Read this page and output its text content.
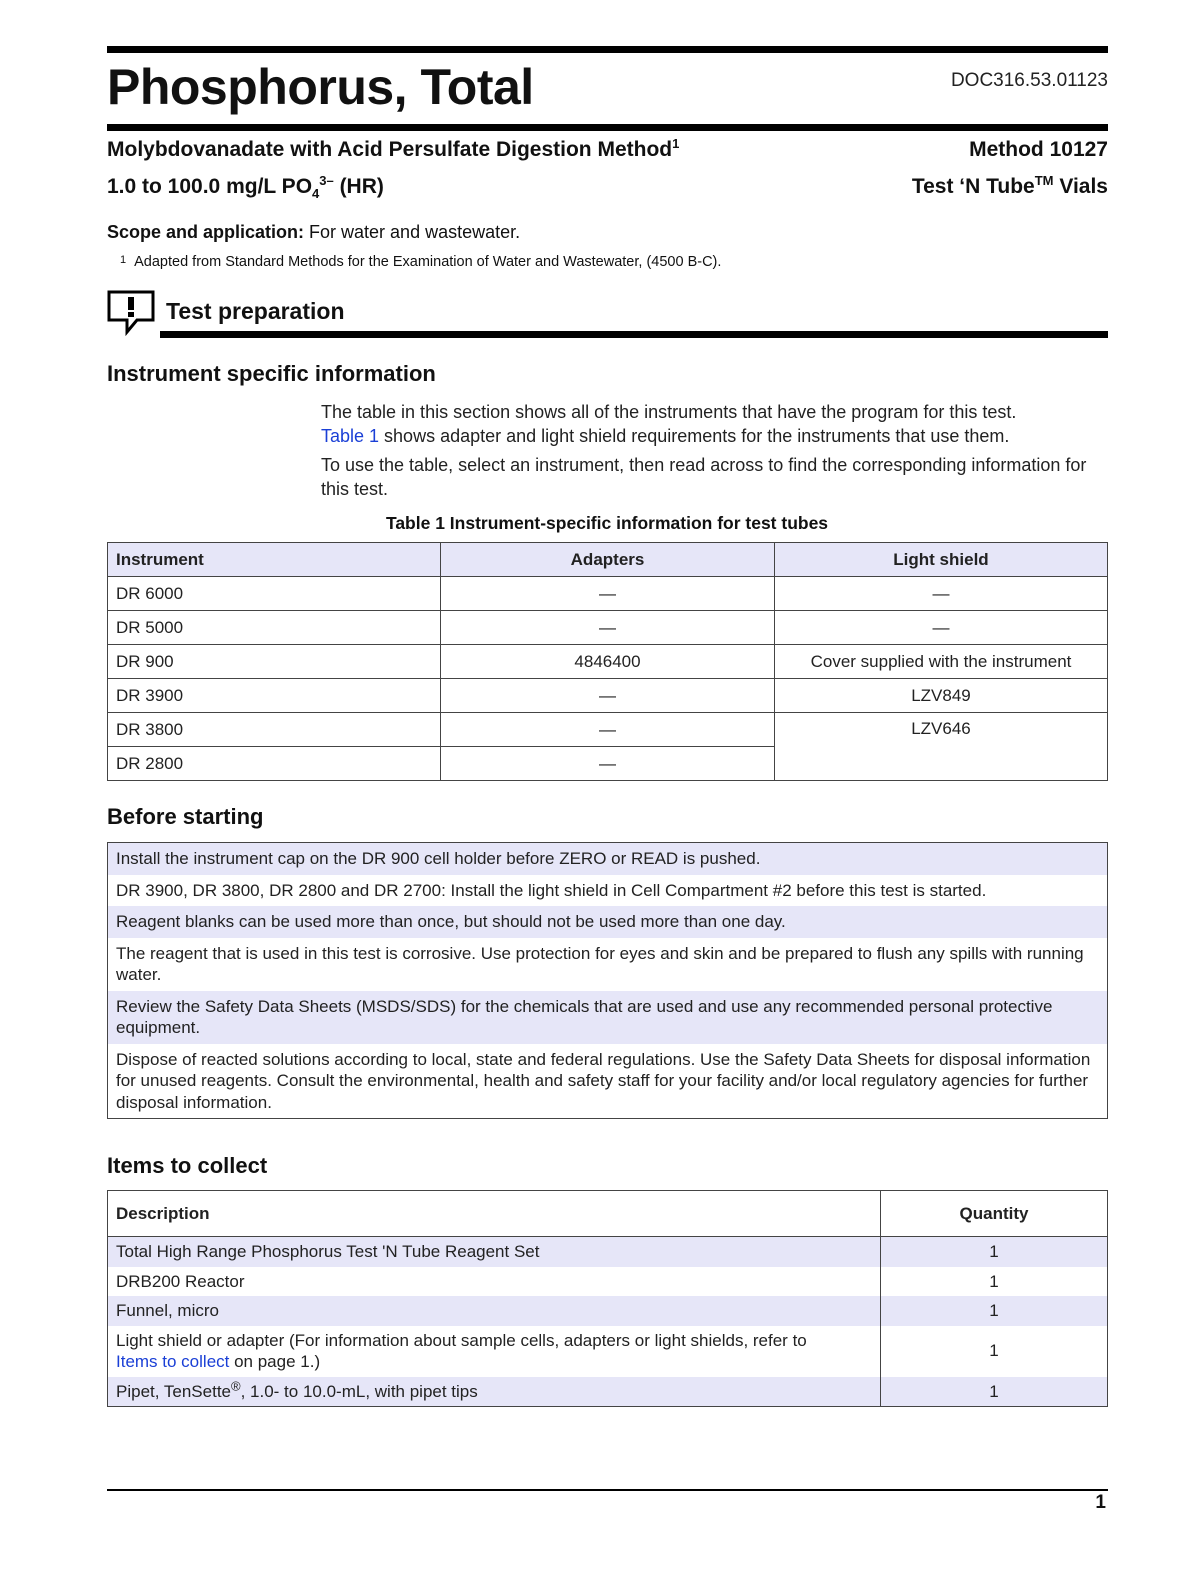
Phosphorus, Total	DOC316.53.01123
Molybdovanadate with Acid Persulfate Digestion Method$^1$	Method 10127
1.0 to 100.0 mg/L $PO_4^{3-}$ (HR)	Test ‘N Tube™ Vials
Scope and application: For water and wastewater.
$^1$ Adapted from Standard Methods for the Examination of Water and Wastewater, (4500 B-C).
Test preparation
Instrument specific information
The table in this section shows all of the instruments that have the program for this test.
Table 1 shows adapter and light shield requirements for the instruments that use them.
To use the table, select an instrument, then read across to find the corresponding information for this test.
Table 1 Instrument-specific information for test tubes
Instrument	Adapters	Light shield
DR 6000	—	—
DR 5000	—	—
DR 900	4846400	Cover supplied with the instrument
DR 3900	—	LZV849
DR 3800	—	LZV646
DR 2800	—	
Before starting
Install the instrument cap on the DR 900 cell holder before ZERO or READ is pushed.
DR 3900, DR 3800, DR 2800 and DR 2700: Install the light shield in Cell Compartment #2 before this test is started.
Reagent blanks can be used more than once, but should not be used more than one day.
The reagent that is used in this test is corrosive. Use protection for eyes and skin and be prepared to flush any spills with running water.
Review the Safety Data Sheets (MSDS/SDS) for the chemicals that are used and use any recommended personal protective equipment.
Dispose of reacted solutions according to local, state and federal regulations. Use the Safety Data Sheets for disposal information for unused reagents. Consult the environmental, health and safety staff for your facility and/or local regulatory agencies for further disposal information.
Items to collect
Description	Quantity
Total High Range Phosphorus Test 'N Tube Reagent Set	1
DRB200 Reactor	1
Funnel, micro	1
Light shield or adapter (For information about sample cells, adapters or light shields, refer to
Items to collect on page 1.)	1
Pipet, TenSette®, 1.0- to 10.0-mL, with pipet tips	1
1
